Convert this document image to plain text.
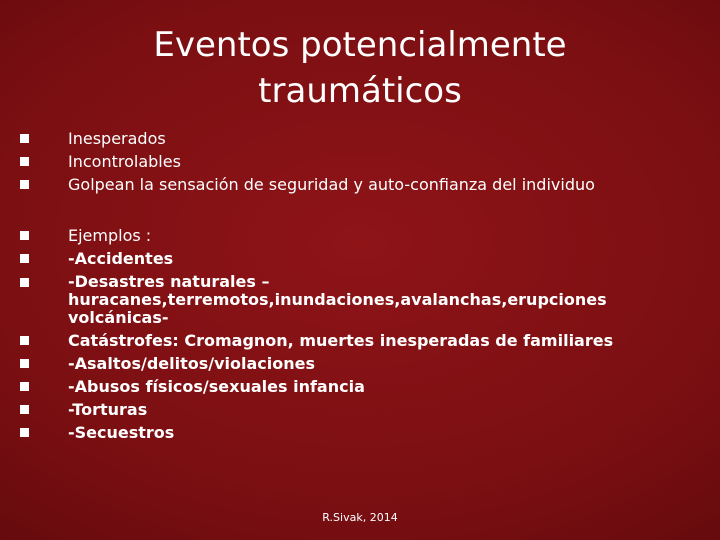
Eventos potencialmente
traumáticos
Inesperados
Incontrolables
Golpean la sensación de seguridad y auto-confianza del individuo
Ejemplos :
-Accidentes
-Desastres naturales –
huracanes,terremotos,inundaciones,avalanchas,erupciones
volcánicas-
Catástrofes: Cromagnon, muertes inesperadas de familiares
-Asaltos/delitos/violaciones
-Abusos físicos/sexuales infancia
-Torturas
-Secuestros
R.Sivak, 2014
